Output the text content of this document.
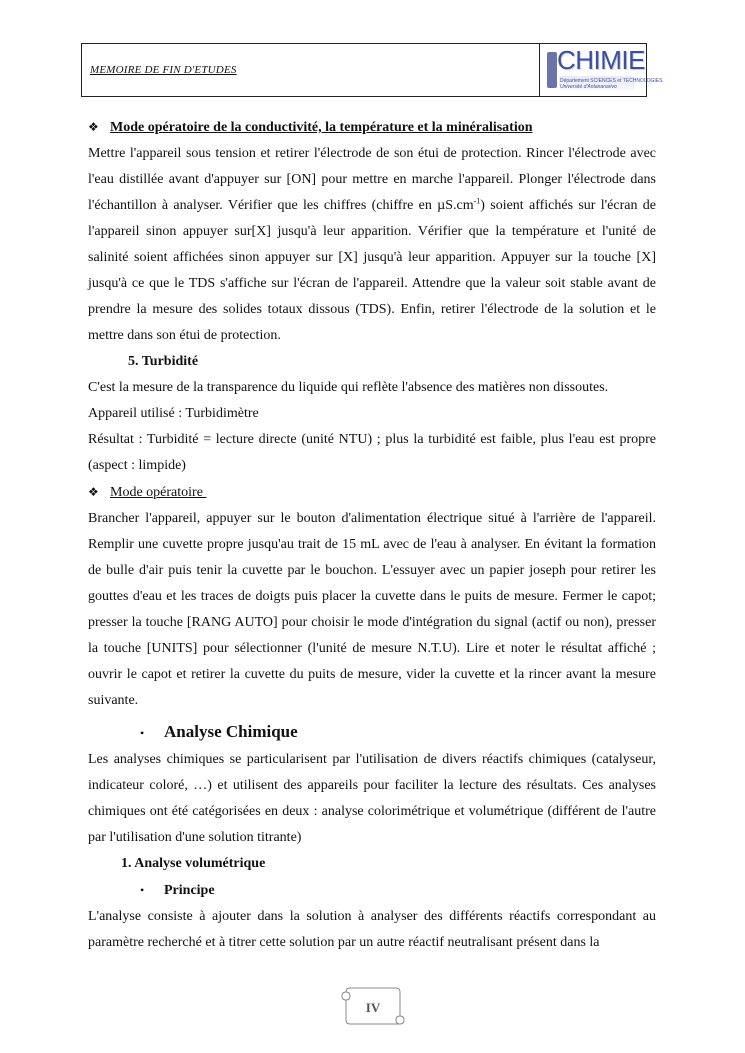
MEMOIRE DE FIN D'ETUDES	CHIMIE
Département SCIENCES et TECHNOLOGIES
Université d'Antananarivo
❖ Mode opératoire de la conductivité, la température et la minéralisation

Mettre l'appareil sous tension et retirer l'électrode de son étui de protection. Rincer l'électrode avec l'eau distillée avant d'appuyer sur [ON] pour mettre en marche l'appareil. Plonger l'électrode dans l'échantillon à analyser. Vérifier que les chiffres (chiffre en $\mu S.cm^{-1}$) soient affichés sur l'écran de l'appareil sinon appuyer sur[X] jusqu'à leur apparition. Vérifier que la température et l'unité de salinité soient affichées sinon appuyer sur [X] jusqu'à leur apparition. Appuyer sur la touche [X] jusqu'à ce que le TDS s'affiche sur l'écran de l'appareil. Attendre que la valeur soit stable avant de prendre la mesure des solides totaux dissous (TDS). Enfin, retirer l'électrode de la solution et le mettre dans son étui de protection.

5. Turbidité

C'est la mesure de la transparence du liquide qui reflète l'absence des matières non dissoutes.

Appareil utilisé : Turbidimètre

Résultat : Turbidité = lecture directe (unité NTU) ; plus la turbidité est faible, plus l'eau est propre (aspect : limpide)

❖ Mode opératoire

Brancher l'appareil, appuyer sur le bouton d'alimentation électrique situé à l'arrière de l'appareil. Remplir une cuvette propre jusqu'au trait de 15 mL avec de l'eau à analyser. En évitant la formation de bulle d'air puis tenir la cuvette par le bouchon. L'essuyer avec un papier joseph pour retirer les gouttes d'eau et les traces de doigts puis placer la cuvette dans le puits de mesure. Fermer le capot; presser la touche [RANG AUTO] pour choisir le mode d'intégration du signal (actif ou non), presser la touche [UNITS] pour sélectionner (l'unité de mesure N.T.U). Lire et noter le résultat affiché ; ouvrir le capot et retirer la cuvette du puits de mesure, vider la cuvette et la rincer avant la mesure suivante.

•	Analyse Chimique

Les analyses chimiques se particularisent par l'utilisation de divers réactifs chimiques (catalyseur, indicateur coloré, …) et utilisent des appareils pour faciliter la lecture des résultats. Ces analyses chimiques ont été catégorisées en deux : analyse colorimétrique et volumétrique (différent de l'autre par l'utilisation d'une solution titrante)

1. Analyse volumétrique

•	Principe

L'analyse consiste à ajouter dans la solution à analyser des différents réactifs correspondant au paramètre recherché et à titrer cette solution par un autre réactif neutralisant présent dans la

IV
